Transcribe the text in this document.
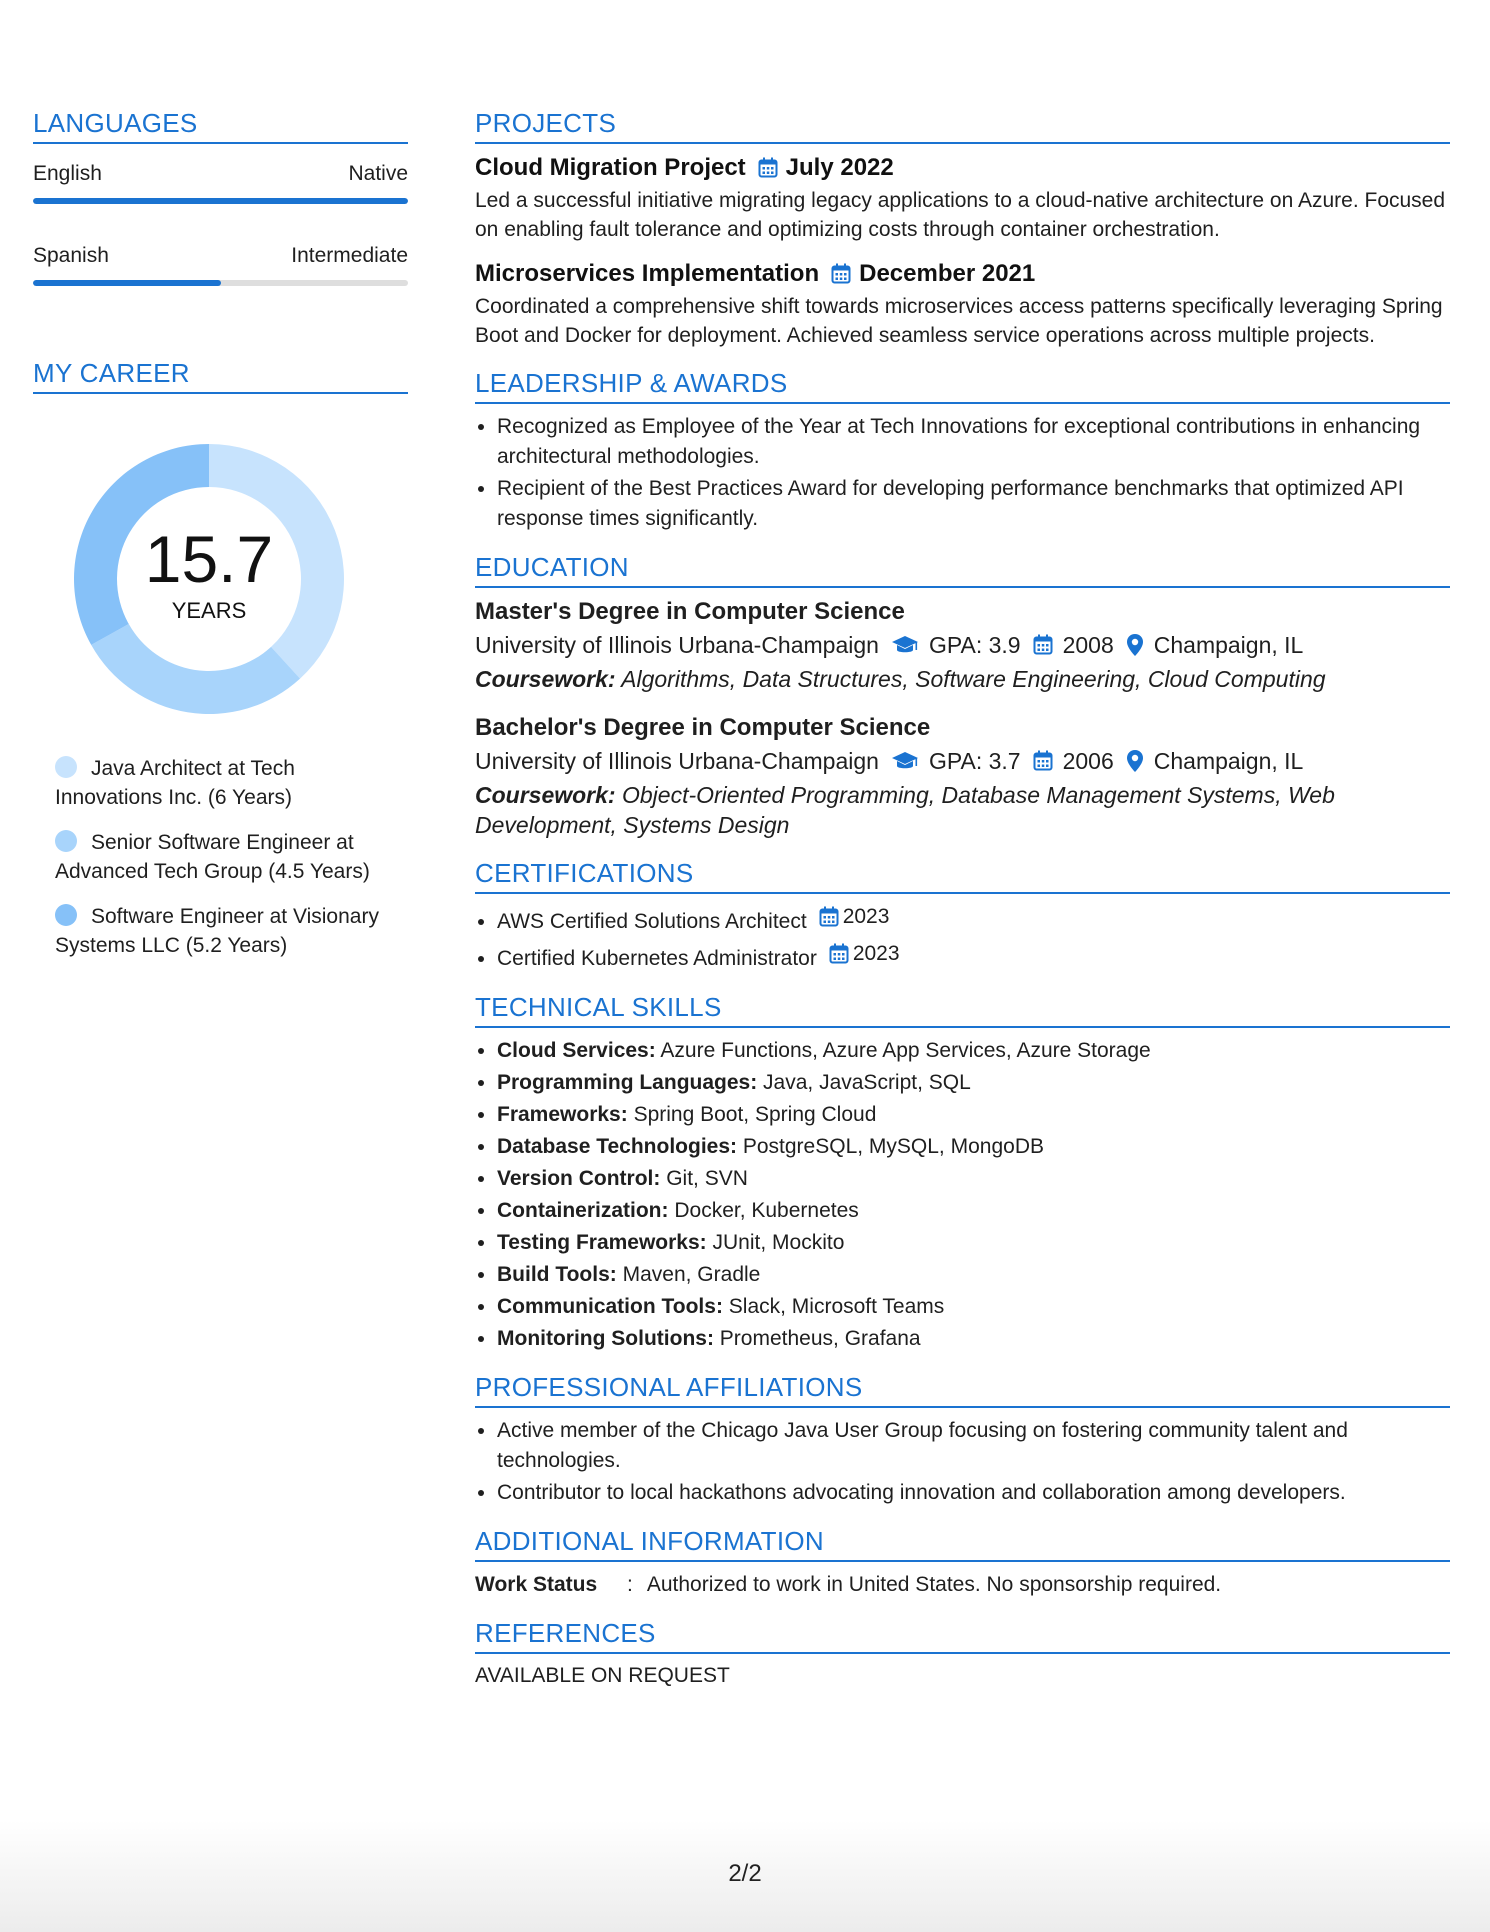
LANGUAGES
English	Native
Spanish	Intermediate
MY CAREER
15.7
YEARS
Java Architect at Tech Innovations Inc. (6 Years)
Senior Software Engineer at Advanced Tech Group (4.5 Years)
Software Engineer at Visionary Systems LLC (5.2 Years)
PROJECTS
Cloud Migration Project July 2022
Led a successful initiative migrating legacy applications to a cloud-native architecture on Azure. Focused on enabling fault tolerance and optimizing costs through container orchestration.
Microservices Implementation December 2021
Coordinated a comprehensive shift towards microservices access patterns specifically leveraging Spring Boot and Docker for deployment. Achieved seamless service operations across multiple projects.
LEADERSHIP & AWARDS
• Recognized as Employee of the Year at Tech Innovations for exceptional contributions in enhancing architectural methodologies.
• Recipient of the Best Practices Award for developing performance benchmarks that optimized API response times significantly.
EDUCATION
Master's Degree in Computer Science
University of Illinois Urbana-Champaign GPA: 3.9 2008 Champaign, IL
Coursework: Algorithms, Data Structures, Software Engineering, Cloud Computing
Bachelor's Degree in Computer Science
University of Illinois Urbana-Champaign GPA: 3.7 2006 Champaign, IL
Coursework: Object-Oriented Programming, Database Management Systems, Web Development, Systems Design
CERTIFICATIONS
• AWS Certified Solutions Architect 2023
• Certified Kubernetes Administrator 2023
TECHNICAL SKILLS
• Cloud Services: Azure Functions, Azure App Services, Azure Storage
• Programming Languages: Java, JavaScript, SQL
• Frameworks: Spring Boot, Spring Cloud
• Database Technologies: PostgreSQL, MySQL, MongoDB
• Version Control: Git, SVN
• Containerization: Docker, Kubernetes
• Testing Frameworks: JUnit, Mockito
• Build Tools: Maven, Gradle
• Communication Tools: Slack, Microsoft Teams
• Monitoring Solutions: Prometheus, Grafana
PROFESSIONAL AFFILIATIONS
• Active member of the Chicago Java User Group focusing on fostering community talent and technologies.
• Contributor to local hackathons advocating innovation and collaboration among developers.
ADDITIONAL INFORMATION
Work Status : Authorized to work in United States. No sponsorship required.
REFERENCES
AVAILABLE ON REQUEST
2/2
